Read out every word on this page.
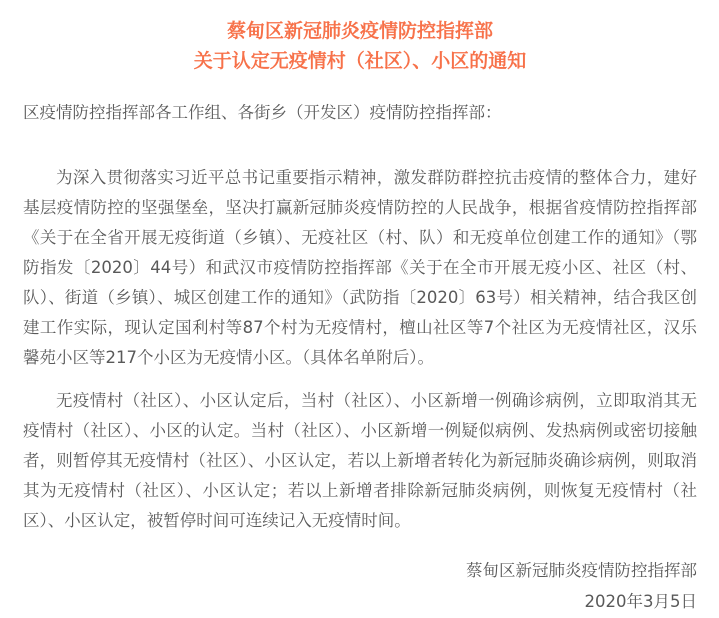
蔡甸区新冠肺炎疫情防控指挥部
关于认定无疫情村（社区）、小区的通知

区疫情防控指挥部各工作组、各街乡（开发区）疫情防控指挥部：

为深入贯彻落实习近平总书记重要指示精神，激发群防群控抗击疫情的整体合力，建好基层疫情防控的坚强堡垒，坚决打赢新冠肺炎疫情防控的人民战争，根据省疫情防控指挥部《关于在全省开展无疫街道（乡镇）、无疫社区（村、队）和无疫单位创建工作的通知》（鄂防指发〔2020〕44号）和武汉市疫情防控指挥部《关于在全市开展无疫小区、社区（村、队）、街道（乡镇）、城区创建工作的通知》（武防指〔2020〕63号）相关精神，结合我区创建工作实际，现认定国利村等87个村为无疫情村，檀山社区等7个社区为无疫情社区，汉乐馨苑小区等217个小区为无疫情小区。（具体名单附后）。

无疫情村（社区）、小区认定后，当村（社区）、小区新增一例确诊病例，立即取消其无疫情村（社区）、小区的认定。当村（社区）、小区新增一例疑似病例、发热病例或密切接触者，则暂停其无疫情村（社区）、小区认定，若以上新增者转化为新冠肺炎确诊病例，则取消其为无疫情村（社区）、小区认定；若以上新增者排除新冠肺炎病例，则恢复无疫情村（社区）、小区认定，被暂停时间可连续记入无疫情时间。

蔡甸区新冠肺炎疫情防控指挥部
2020年3月5日
